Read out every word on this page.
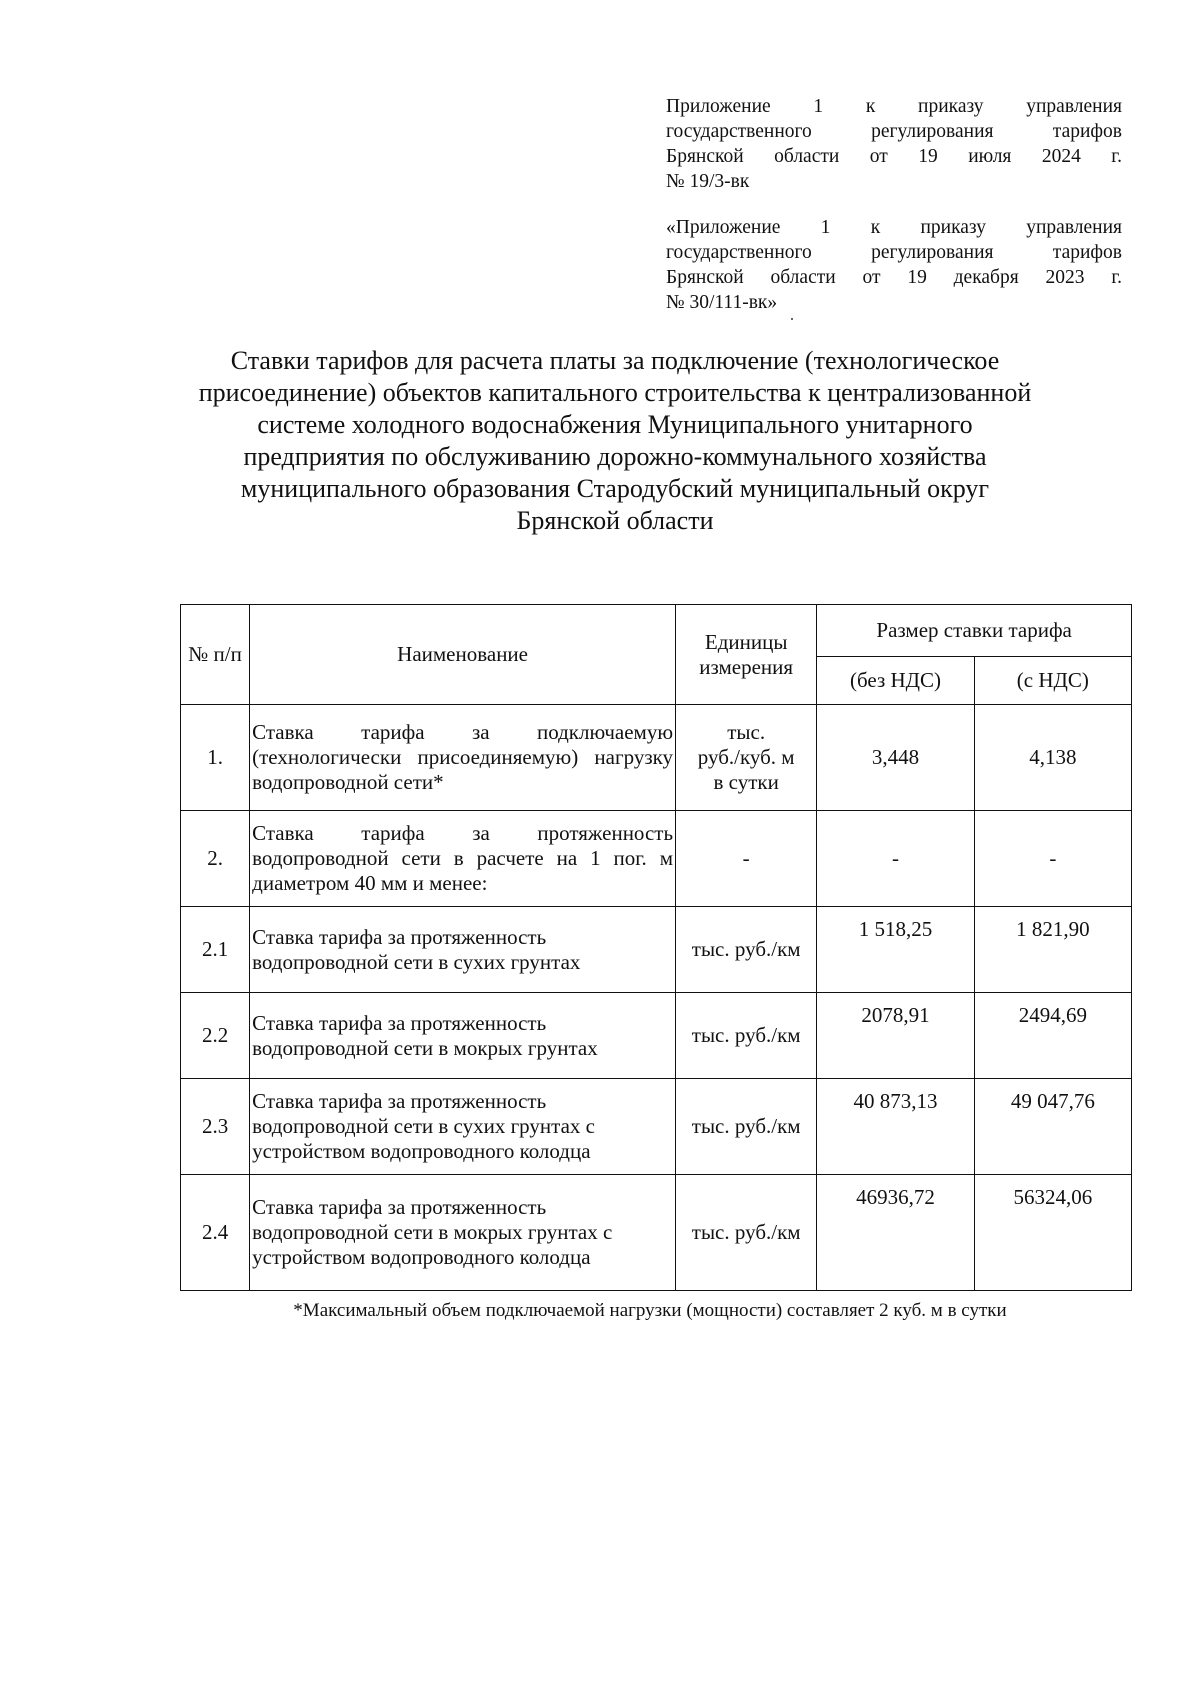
Приложение 1 к приказу управления
государственного регулирования тарифов
Брянской области от 19 июля 2024 г.
№ 19/3-вк
«Приложение 1 к приказу управления
государственного регулирования тарифов
Брянской области от 19 декабря 2023 г.
№ 30/111-вк»
Ставки тарифов для расчета платы за подключение (технологическое
присоединение) объектов капитального строительства к централизованной
системе холодного водоснабжения Муниципального унитарного
предприятия по обслуживанию дорожно-коммунального хозяйства
муниципального образования Стародубский муниципальный округ
Брянской области
№ п/п	Наименование	Единицы
измерения	Размер ставки тарифа	
			(без НДС)	(с НДС)
1.	Ставка тарифа за подключаемую (технологически присоединяемую) нагрузку водопроводной сети*	тыс.
руб./куб. м
в сутки	3,448	4,138
2.	Ставка тарифа за протяженность водопроводной сети в расчете на 1 пог. м диаметром 40 мм и менее:	-	-	-
2.1	Ставка тарифа за протяженность водопроводной сети в сухих грунтах	тыс. руб./км	1 518,25	1 821,90
2.2	Ставка тарифа за протяженность водопроводной сети в мокрых грунтах	тыс. руб./км	2078,91	2494,69
2.3	Ставка тарифа за протяженность водопроводной сети в сухих грунтах с устройством водопроводного колодца	тыс. руб./км	40 873,13	49 047,76
2.4	Ставка тарифа за протяженность водопроводной сети в мокрых грунтах с устройством водопроводного колодца	тыс. руб./км	46936,72	56324,06
*Максимальный объем подключаемой нагрузки (мощности) составляет 2 куб. м в сутки
